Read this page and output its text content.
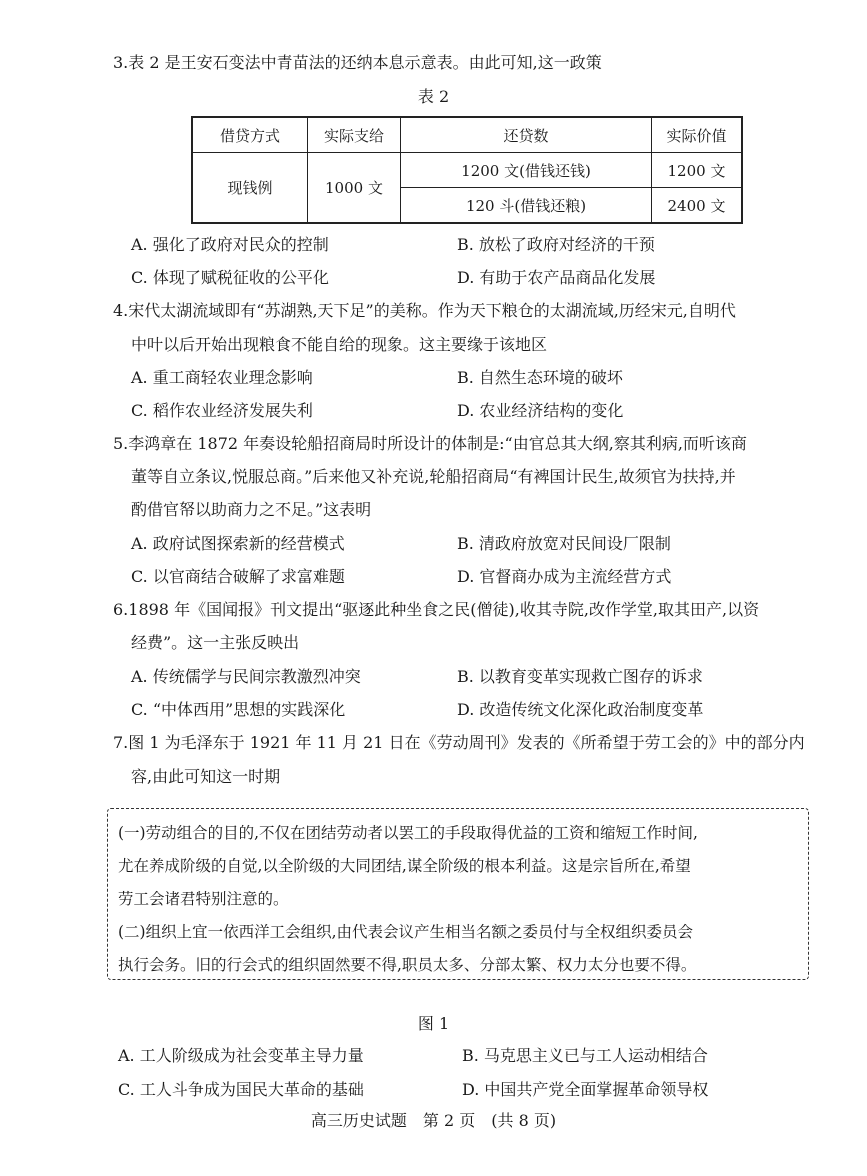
3.表 2 是王安石变法中青苗法的还纳本息示意表。由此可知,这一政策
表 2
借贷方式	实际支给	还贷数	实际价值
现钱例	1000 文	1200 文(借钱还钱)	1200 文
		120 斗(借钱还粮)	2400 文
A. 强化了政府对民众的控制	B. 放松了政府对经济的干预
C. 体现了赋税征收的公平化	D. 有助于农产品商品化发展
4.宋代太湖流域即有“苏湖熟,天下足”的美称。作为天下粮仓的太湖流域,历经宋元,自明代
中叶以后开始出现粮食不能自给的现象。这主要缘于该地区
A. 重工商轻农业理念影响	B. 自然生态环境的破坏
C. 稻作农业经济发展失利	D. 农业经济结构的变化
5.李鸿章在 1872 年奏设轮船招商局时所设计的体制是:“由官总其大纲,察其利病,而听该商
董等自立条议,悦服总商。”后来他又补充说,轮船招商局“有裨国计民生,故须官为扶持,并
酌借官帑以助商力之不足。”这表明
A. 政府试图探索新的经营模式	B. 清政府放宽对民间设厂限制
C. 以官商结合破解了求富难题	D. 官督商办成为主流经营方式
6.1898 年《国闻报》刊文提出“驱逐此种坐食之民(僧徒),收其寺院,改作学堂,取其田产,以资
经费”。这一主张反映出
A. 传统儒学与民间宗教激烈冲突	B. 以教育变革实现救亡图存的诉求
C. “中体西用”思想的实践深化	D. 改造传统文化深化政治制度变革
7.图 1 为毛泽东于 1921 年 11 月 21 日在《劳动周刊》发表的《所希望于劳工会的》中的部分内
容,由此可知这一时期

(一)劳动组合的目的,不仅在团结劳动者以罢工的手段取得优益的工资和缩短工作时间,

尤在养成阶级的自觉,以全阶级的大同团结,谋全阶级的根本利益。这是宗旨所在,希望

劳工会诸君特别注意的。

(二)组织上宜一依西洋工会组织,由代表会议产生相当名额之委员付与全权组织委员会

执行会务。旧的行会式的组织固然要不得,职员太多、分部太繁、权力太分也要不得。

图 1
A. 工人阶级成为社会变革主导力量	B. 马克思主义已与工人运动相结合
C. 工人斗争成为国民大革命的基础	D. 中国共产党全面掌握革命领导权
高三历史试题　第 2 页　(共 8 页)
